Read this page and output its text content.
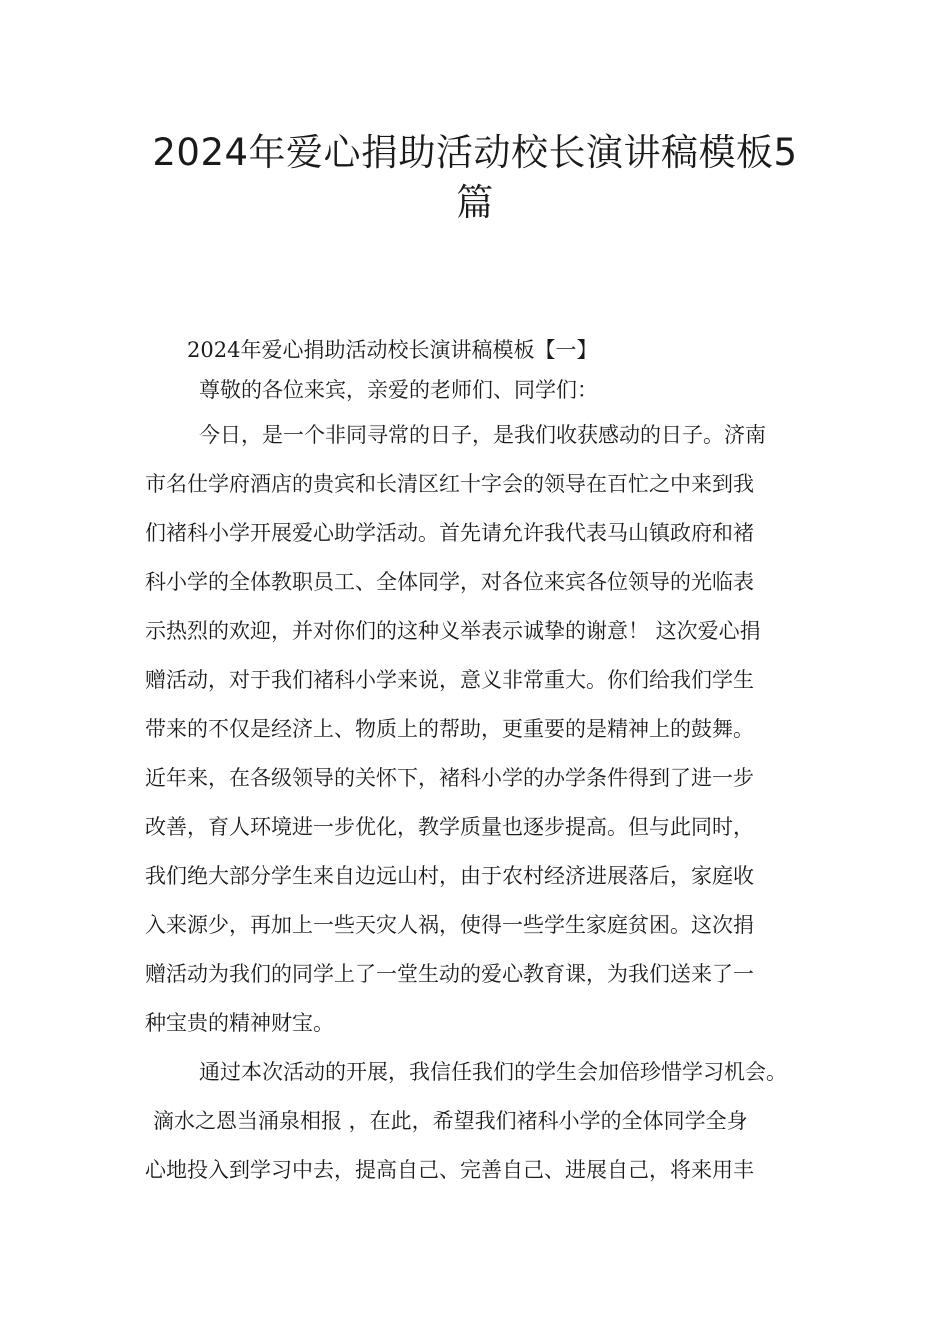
2024年爱心捐助活动校长演讲稿模板5
篇
2024年爱心捐助活动校长演讲稿模板【一】
尊敬的各位来宾，亲爱的老师们、同学们：
今日，是一个非同寻常的日子，是我们收获感动的日子。济南
市名仕学府酒店的贵宾和长清区红十字会的领导在百忙之中来到我
们褚科小学开展爱心助学活动。首先请允许我代表马山镇政府和褚
科小学的全体教职员工、全体同学，对各位来宾各位领导的光临表
示热烈的欢迎，并对你们的这种义举表示诚挚的谢意！ 这次爱心捐
赠活动，对于我们褚科小学来说，意义非常重大。你们给我们学生
带来的不仅是经济上、物质上的帮助，更重要的是精神上的鼓舞。
近年来，在各级领导的关怀下，褚科小学的办学条件得到了进一步
改善，育人环境进一步优化，教学质量也逐步提高。但与此同时，
我们绝大部分学生来自边远山村，由于农村经济进展落后，家庭收
入来源少，再加上一些天灾人祸，使得一些学生家庭贫困。这次捐
赠活动为我们的同学上了一堂生动的爱心教育课，为我们送来了一
种宝贵的精神财宝。
通过本次活动的开展，我信任我们的学生会加倍珍惜学习机会。
滴水之恩当涌泉相报 ，在此，希望我们褚科小学的全体同学全身
心地投入到学习中去，提高自己、完善自己、进展自己，将来用丰
